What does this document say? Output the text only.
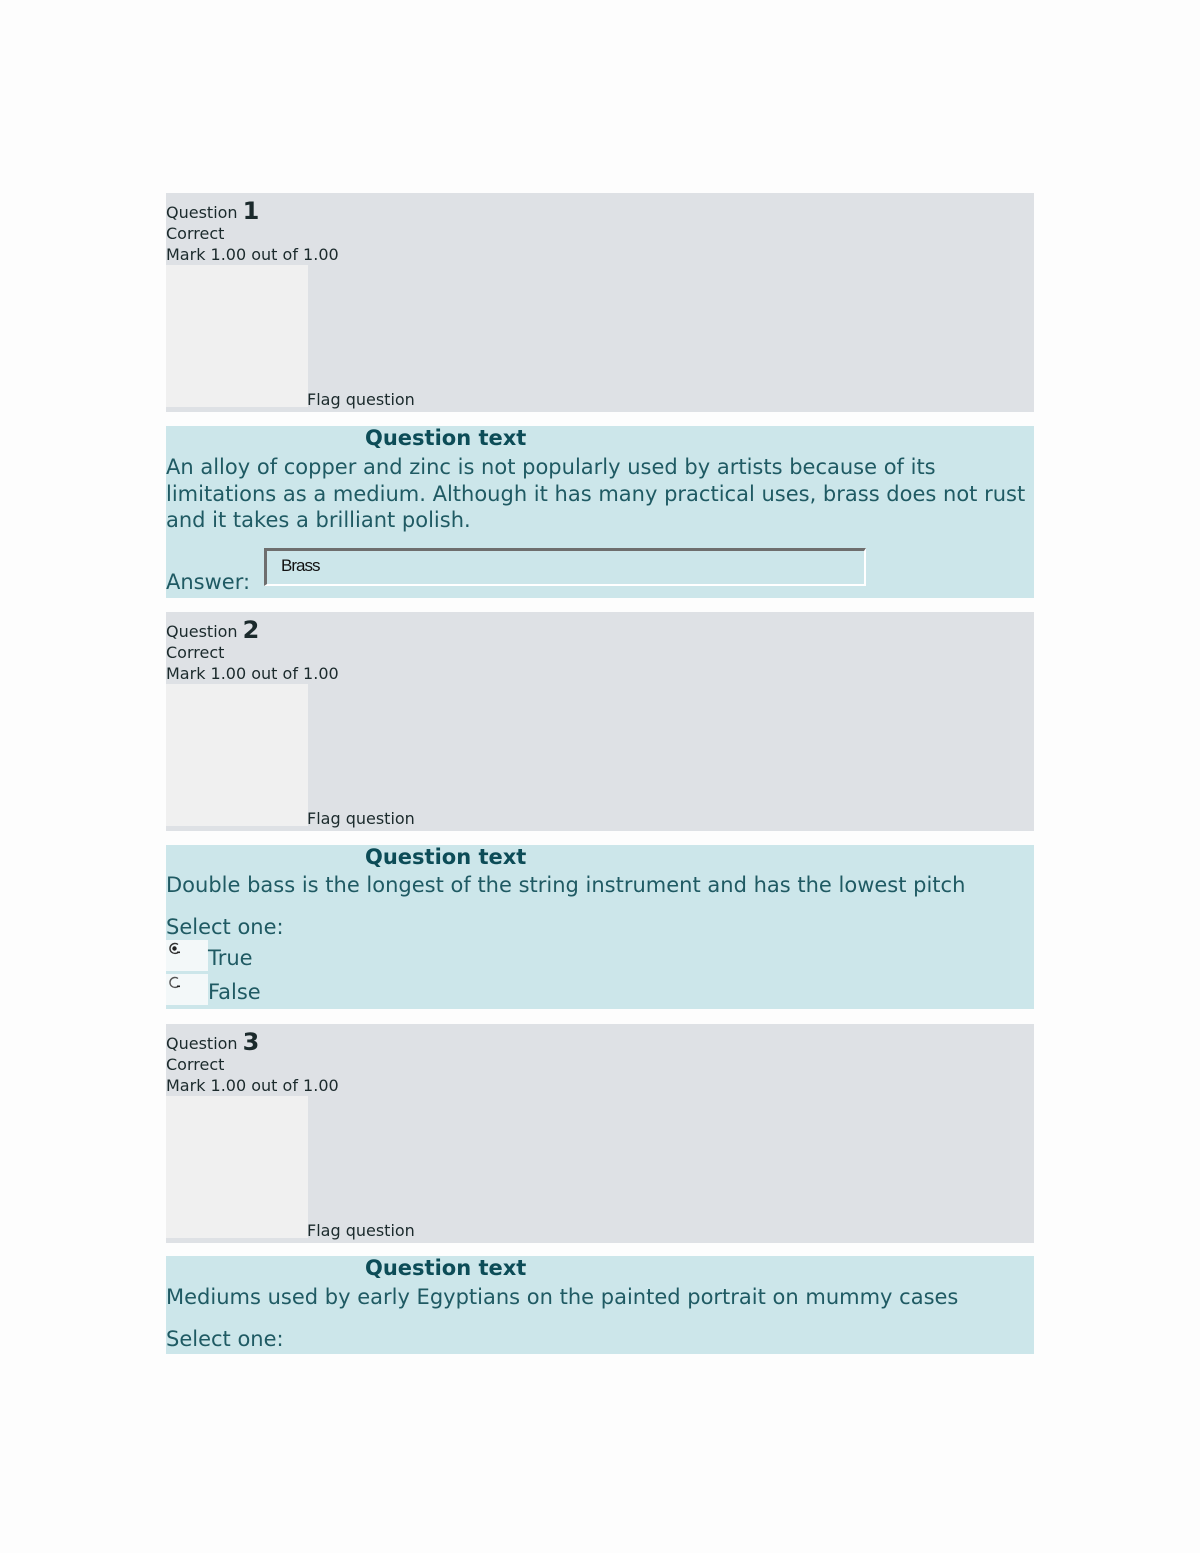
Question 1
Correct
Mark 1.00 out of 1.00
Flag question
Question text
An alloy of copper and zinc is not popularly used by artists because of its limitations as a medium. Although it has many practical uses, brass does not rust and it takes a brilliant polish.
Answer:
Brass
Question 2
Correct
Mark 1.00 out of 1.00
Flag question
Question text
Double bass is the longest of the string instrument and has the lowest pitch
Select one:
True
False
Question 3
Correct
Mark 1.00 out of 1.00
Flag question
Question text
Mediums used by early Egyptians on the painted portrait on mummy cases
Select one:
